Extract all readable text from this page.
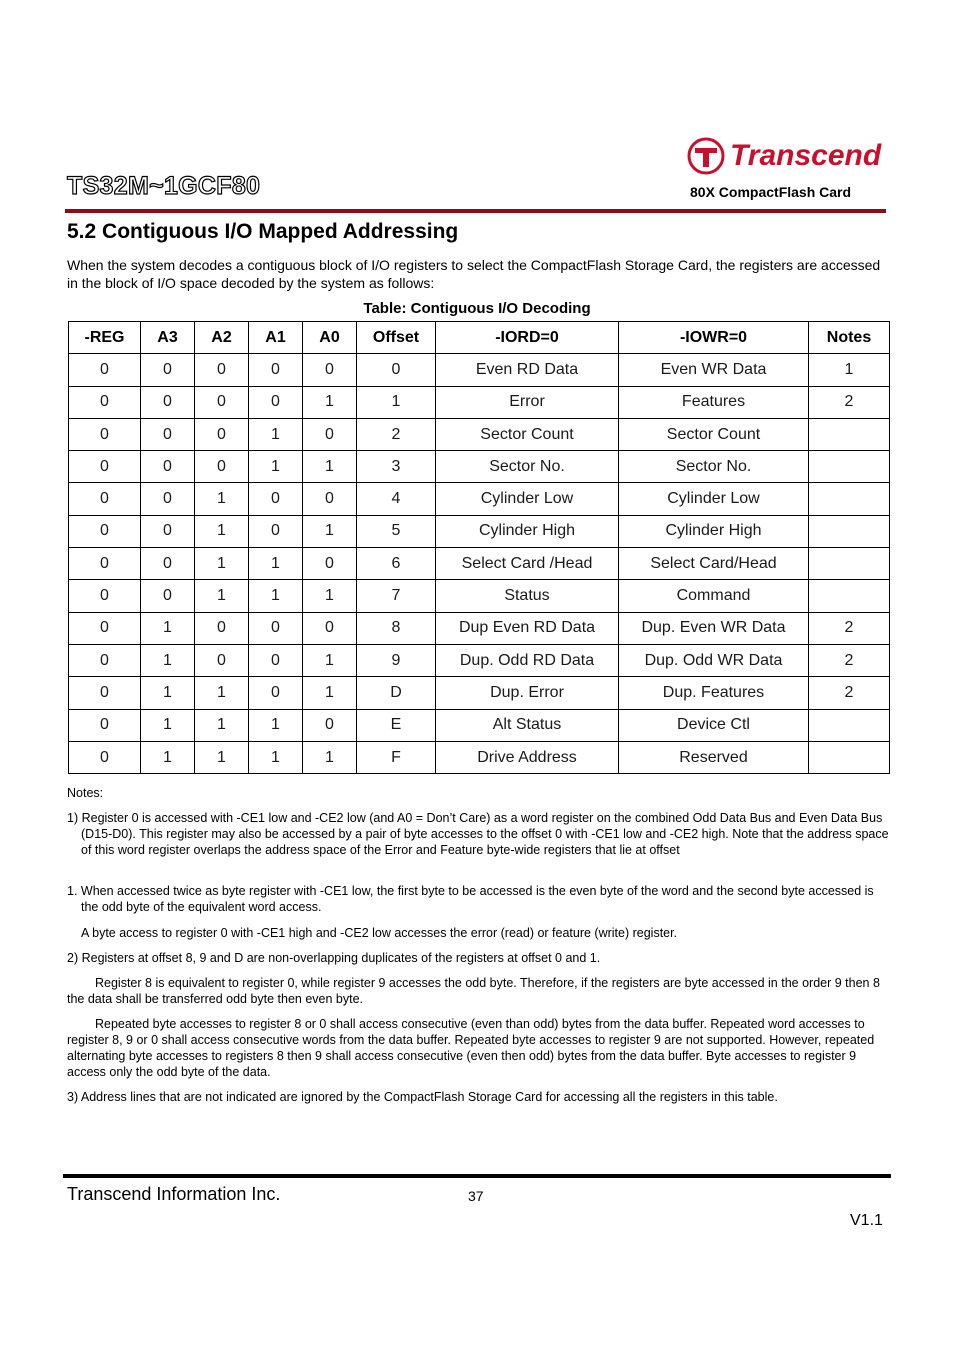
Transcend
TS32M~1GCF80	80X CompactFlash Card
5.2 Contiguous I/O Mapped Addressing
When the system decodes a contiguous block of I/O registers to select the CompactFlash Storage Card, the registers are accessed in the block of I/O space decoded by the system as follows:
Table: Contiguous I/O Decoding
-REG	A3	A2	A1	A0	Offset	-IORD=0	-IOWR=0	Notes
0	0	0	0	0	0	Even RD Data	Even WR Data	1
0	0	0	0	1	1	Error	Features	2
0	0	0	1	0	2	Sector Count	Sector Count	
0	0	0	1	1	3	Sector No.	Sector No.	
0	0	1	0	0	4	Cylinder Low	Cylinder Low	
0	0	1	0	1	5	Cylinder High	Cylinder High	
0	0	1	1	0	6	Select Card /Head	Select Card/Head	
0	0	1	1	1	7	Status	Command	
0	1	0	0	0	8	Dup Even RD Data	Dup. Even WR Data	2
0	1	0	0	1	9	Dup. Odd RD Data	Dup. Odd WR Data	2
0	1	1	0	1	D	Dup. Error	Dup. Features	2
0	1	1	1	0	E	Alt Status	Device Ctl	
0	1	1	1	1	F	Drive Address	Reserved	
Notes:
1) Register 0 is accessed with -CE1 low and -CE2 low (and A0 = Don’t Care) as a word register on the combined Odd Data Bus and Even Data Bus (D15-D0). This register may also be accessed by a pair of byte accesses to the offset 0 with -CE1 low and -CE2 high. Note that the address space of this word register overlaps the address space of the Error and Feature byte-wide registers that lie at offset
1. When accessed twice as byte register with -CE1 low, the first byte to be accessed is the even byte of the word and the second byte accessed is the odd byte of the equivalent word access.
A byte access to register 0 with -CE1 high and -CE2 low accesses the error (read) or feature (write) register.
2) Registers at offset 8, 9 and D are non-overlapping duplicates of the registers at offset 0 and 1.
Register 8 is equivalent to register 0, while register 9 accesses the odd byte. Therefore, if the registers are byte accessed in the order 9 then 8 the data shall be transferred odd byte then even byte.
Repeated byte accesses to register 8 or 0 shall access consecutive (even than odd) bytes from the data buffer. Repeated word accesses to register 8, 9 or 0 shall access consecutive words from the data buffer. Repeated byte accesses to register 9 are not supported. However, repeated alternating byte accesses to registers 8 then 9 shall access consecutive (even then odd) bytes from the data buffer. Byte accesses to register 9 access only the odd byte of the data.
3) Address lines that are not indicated are ignored by the CompactFlash Storage Card for accessing all the registers in this table.
Transcend Information Inc.	37
V1.1
